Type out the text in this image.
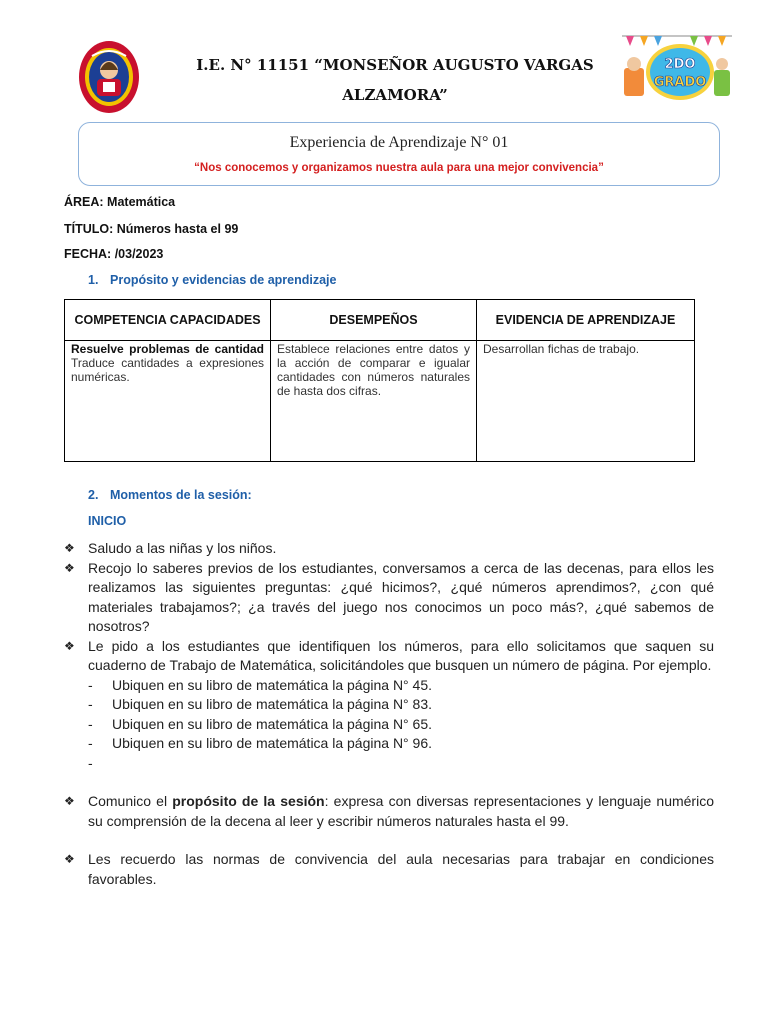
2DO
GRADO
I.E. N° 11151 “MONSEÑOR AUGUSTO VARGAS
ALZAMORA”
Experiencia de Aprendizaje N° 01
“Nos conocemos y organizamos nuestra aula para una mejor convivencia”
ÁREA: Matemática
TÍTULO: Números hasta el 99
FECHA: /03/2023
1. Propósito y evidencias de aprendizaje
COMPETENCIA CAPACIDADES	DESEMPEÑOS	EVIDENCIA DE APRENDIZAJE

Resuelve problemas de cantidad
Traduce cantidades a expresiones numéricas.	Establece relaciones entre datos y la acción de comparar e igualar cantidades con números naturales de hasta dos cifras.	Desarrollan fichas de trabajo.
2. Momentos de la sesión:
INICIO
❖ Saludo a las niñas y los niños.
❖ Recojo lo saberes previos de los estudiantes, conversamos a cerca de las decenas, para ellos les realizamos las siguientes preguntas: ¿qué hicimos?, ¿qué números aprendimos?, ¿con qué materiales trabajamos?; ¿a través del juego nos conocimos un poco más?, ¿qué sabemos de nosotros?
❖ Le pido a los estudiantes que identifiquen los números, para ello solicitamos que saquen su cuaderno de Trabajo de Matemática, solicitándoles que busquen un número de página. Por ejemplo.
-	Ubiquen en su libro de matemática la página N° 45.
-	Ubiquen en su libro de matemática la página N° 83.
-	Ubiquen en su libro de matemática la página N° 65.
-	Ubiquen en su libro de matemática la página N° 96.
-
❖ Comunico el propósito de la sesión: expresa con diversas representaciones y lenguaje numérico su comprensión de la decena al leer y escribir números naturales hasta el 99.
❖ Les recuerdo las normas de convivencia del aula necesarias para trabajar en condiciones favorables.
